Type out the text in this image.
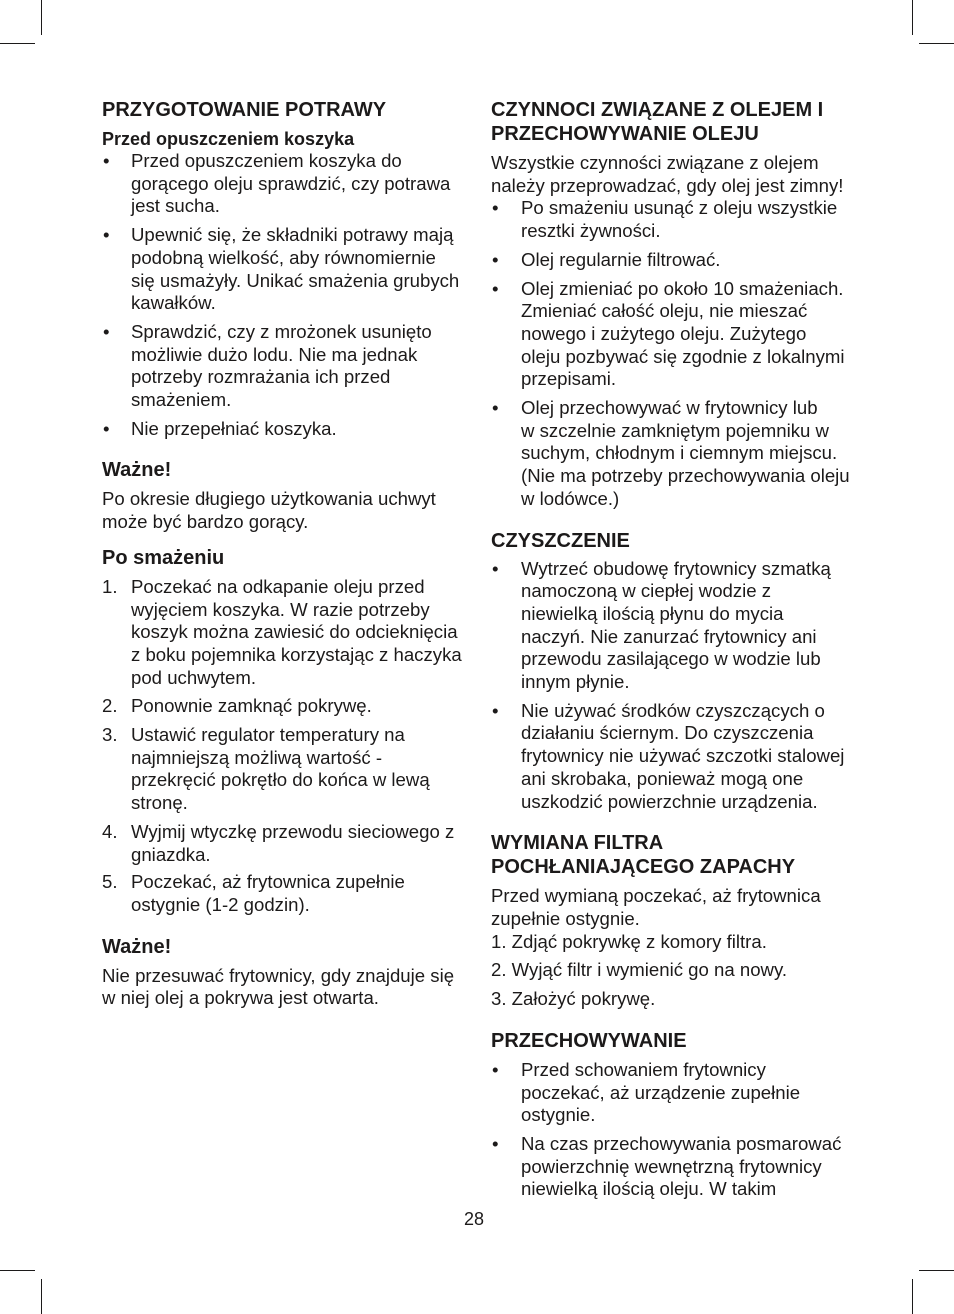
PRZYGOTOWANIE POTRAWY
Przed opuszczeniem koszyka
• Przed opuszczeniem koszyka do
gorącego oleju sprawdzić, czy potrawa
jest sucha.
• Upewnić się, że składniki potrawy mają
podobną wielkość, aby równomiernie
się usmażyły. Unikać smażenia grubych
kawałków.
• Sprawdzić, czy z mrożonek usunięto
możliwie dużo lodu. Nie ma jednak
potrzeby rozmrażania ich przed
smażeniem.
• Nie przepełniać koszyka.
Ważne!
Po okresie długiego użytkowania uchwyt
może być bardzo gorący.
Po smażeniu
1. Poczekać na odkapanie oleju przed
wyjęciem koszyka. W razie potrzeby
koszyk można zawiesić do odcieknięcia
z boku pojemnika korzystając z haczyka
pod uchwytem.
2. Ponownie zamknąć pokrywę.
3. Ustawić regulator temperatury na
najmniejszą możliwą wartość -
przekręcić pokrętło do końca w lewą
stronę.
4. Wyjmij wtyczkę przewodu sieciowego z
gniazdka.
5. Poczekać, aż frytownica zupełnie
ostygnie (1-2 godzin).
Ważne!
Nie przesuwać frytownicy, gdy znajduje się
w niej olej a pokrywa jest otwarta.
CZYNNOCI ZWIĄZANE Z OLEJEM I
PRZECHOWYWANIE OLEJU
Wszystkie czynności związane z olejem
należy przeprowadzać, gdy olej jest zimny!
• Po smażeniu usunąć z oleju wszystkie
resztki żywności.
• Olej regularnie filtrować.
• Olej zmieniać po około 10 smażeniach.
Zmieniać całość oleju, nie mieszać
nowego i zużytego oleju. Zużytego
oleju pozbywać się zgodnie z lokalnymi
przepisami.
• Olej przechowywać w frytownicy lub
w szczelnie zamkniętym pojemniku w
suchym, chłodnym i ciemnym miejscu.
(Nie ma potrzeby przechowywania oleju
w lodówce.)
CZYSZCZENIE
• Wytrzeć obudowę frytownicy szmatką
namoczoną w ciepłej wodzie z
niewielką ilością płynu do mycia
naczyń. Nie zanurzać frytownicy ani
przewodu zasilającego w wodzie lub
innym płynie.
• Nie używać środków czyszczących o
działaniu ściernym. Do czyszczenia
frytownicy nie używać szczotki stalowej
ani skrobaka, ponieważ mogą one
uszkodzić powierzchnie urządzenia.
WYMIANA FILTRA
POCHŁANIAJĄCEGO ZAPACHY
Przed wymianą poczekać, aż frytownica
zupełnie ostygnie.
1. Zdjąć pokrywkę z komory filtra.
2. Wyjąć filtr i wymienić go na nowy.
3. Założyć pokrywę.
PRZECHOWYWANIE
• Przed schowaniem frytownicy
poczekać, aż urządzenie zupełnie
ostygnie.
• Na czas przechowywania posmarować
powierzchnię wewnętrzną frytownicy
niewielką ilością oleju. W takim
28
